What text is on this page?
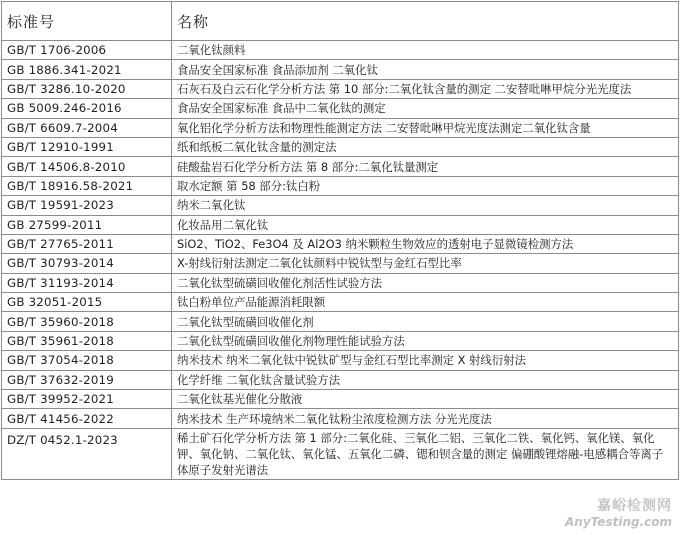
标准号	名称
GB/T 1706-2006	二氧化钛颜料
GB 1886.341-2021	食品安全国家标准 食品添加剂 二氧化钛
GB/T 3286.10-2020	石灰石及白云石化学分析方法 第 10 部分:二氧化钛含量的测定 二安替吡啉甲烷分光光度法
GB 5009.246-2016	食品安全国家标准 食品中二氧化钛的测定
GB/T 6609.7-2004	氧化铝化学分析方法和物理性能测定方法 二安替吡啉甲烷光度法测定二氧化钛含量
GB/T 12910-1991	纸和纸板二氧化钛含量的测定法
GB/T 14506.8-2010	硅酸盐岩石化学分析方法 第 8 部分:二氧化钛量测定
GB/T 18916.58-2021	取水定额 第 58 部分:钛白粉
GB/T 19591-2023	纳米二氧化钛
GB 27599-2011	化妆品用二氧化钛
GB/T 27765-2011	SiO2、TiO2、Fe3O4 及 Al2O3 纳米颗粒生物效应的透射电子显微镜检测方法
GB/T 30793-2014	X-射线衍射法测定二氧化钛颜料中锐钛型与金红石型比率
GB/T 31193-2014	二氧化钛型硫磺回收催化剂活性试验方法
GB 32051-2015	钛白粉单位产品能源消耗限额
GB/T 35960-2018	二氧化钛型硫磺回收催化剂
GB/T 35961-2018	二氧化钛型硫磺回收催化剂物理性能试验方法
GB/T 37054-2018	纳米技术 纳米二氧化钛中锐钛矿型与金红石型比率测定 X 射线衍射法
GB/T 37632-2019	化学纤维 二氧化钛含量试验方法
GB/T 39952-2021	二氧化钛基光催化分散液
GB/T 41456-2022	纳米技术 生产环境纳米二氧化钛粉尘浓度检测方法 分光光度法
DZ/T 0452.1-2023	稀土矿石化学分析方法 第 1 部分:二氧化硅、三氧化二铝、三氧化二铁、氧化钙、氧化镁、氧化钾、氧化钠、二氧化钛、氧化锰、五氧化二磷、锶和钡含量的测定 偏硼酸锂熔融-电感耦合等离子体原子发射光谱法
嘉峪检测网
AnyTesting.com
